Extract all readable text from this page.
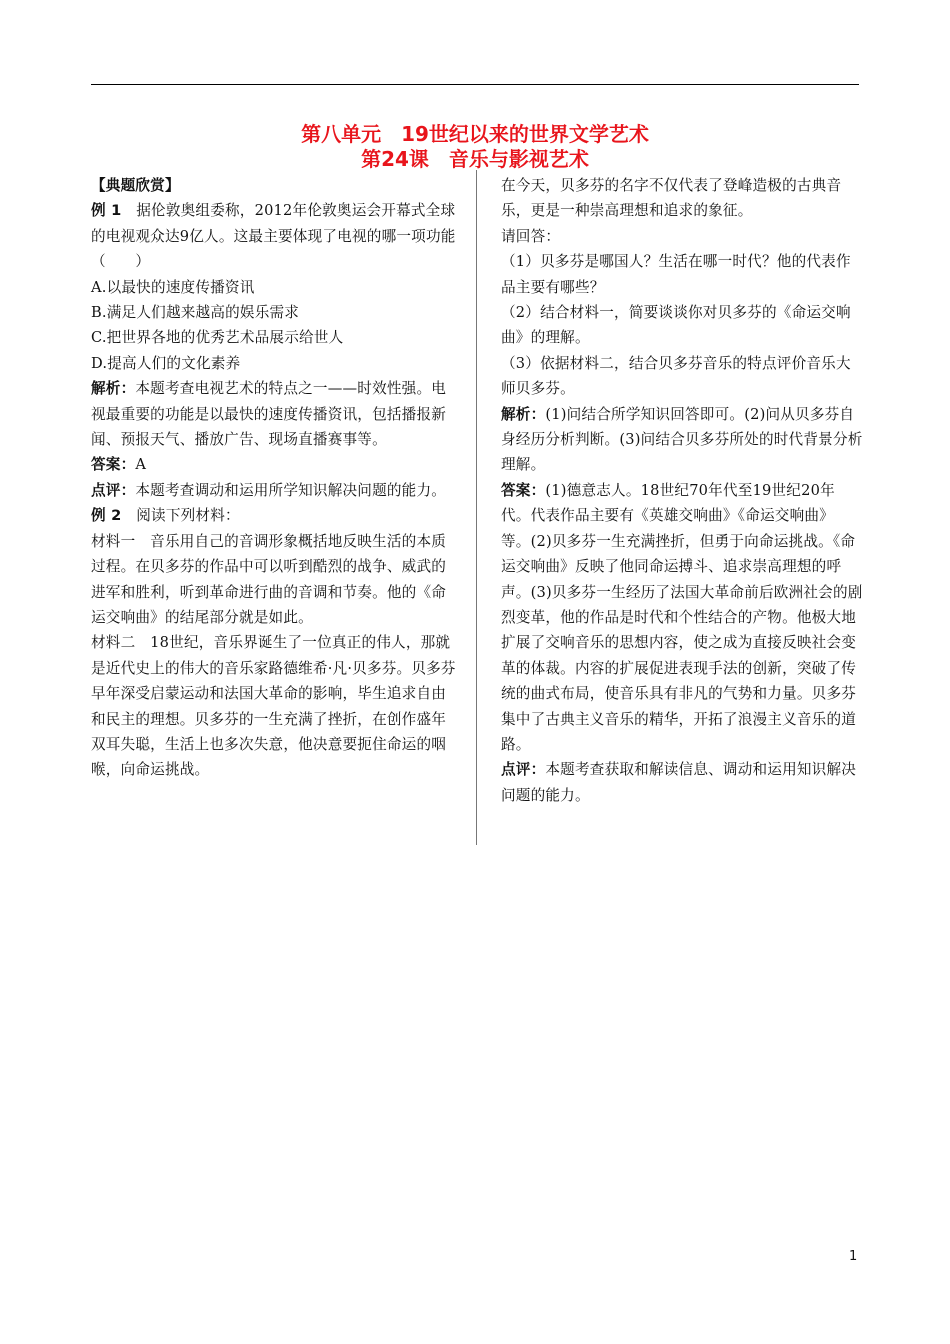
第八单元　19世纪以来的世界文学艺术
第24课　音乐与影视艺术

【典题欣赏】

例 1　据伦敦奥组委称，2012年伦敦奥运会开幕式全球的电视观众达9亿人。这最主要体现了电视的哪一项功能（　　）

A.以最快的速度传播资讯

B.满足人们越来越高的娱乐需求

C.把世界各地的优秀艺术品展示给世人

D.提高人们的文化素养

解析：本题考查电视艺术的特点之一——时效性强。电视最重要的功能是以最快的速度传播资讯，包括播报新闻、预报天气、播放广告、现场直播赛事等。

答案：A

点评：本题考查调动和运用所学知识解决问题的能力。

例 2　阅读下列材料：

材料一　音乐用自己的音调形象概括地反映生活的本质过程。在贝多芬的作品中可以听到酷烈的战争、威武的进军和胜利，听到革命进行曲的音调和节奏。他的《命运交响曲》的结尾部分就是如此。

材料二　18世纪，音乐界诞生了一位真正的伟人，那就是近代史上的伟大的音乐家路德维希·凡·贝多芬。贝多芬早年深受启蒙运动和法国大革命的影响，毕生追求自由和民主的理想。贝多芬的一生充满了挫折，在创作盛年双耳失聪，生活上也多次失意，他决意要扼住命运的咽喉，向命运挑战。

在今天，贝多芬的名字不仅代表了登峰造极的古典音乐，更是一种崇高理想和追求的象征。

请回答：

（1）贝多芬是哪国人？生活在哪一时代？他的代表作品主要有哪些？

（2）结合材料一，简要谈谈你对贝多芬的《命运交响曲》的理解。

（3）依据材料二，结合贝多芬音乐的特点评价音乐大师贝多芬。

解析：(1)问结合所学知识回答即可。(2)问从贝多芬自身经历分析判断。(3)问结合贝多芬所处的时代背景分析理解。

答案：(1)德意志人。18世纪70年代至19世纪20年代。代表作品主要有《英雄交响曲》《命运交响曲》等。(2)贝多芬一生充满挫折，但勇于向命运挑战。《命运交响曲》反映了他同命运搏斗、追求崇高理想的呼声。(3)贝多芬一生经历了法国大革命前后欧洲社会的剧烈变革，他的作品是时代和个性结合的产物。他极大地扩展了交响音乐的思想内容，使之成为直接反映社会变革的体裁。内容的扩展促进表现手法的创新，突破了传统的曲式布局，使音乐具有非凡的气势和力量。贝多芬集中了古典主义音乐的精华，开拓了浪漫主义音乐的道路。

点评：本题考查获取和解读信息、调动和运用知识解决问题的能力。

1
